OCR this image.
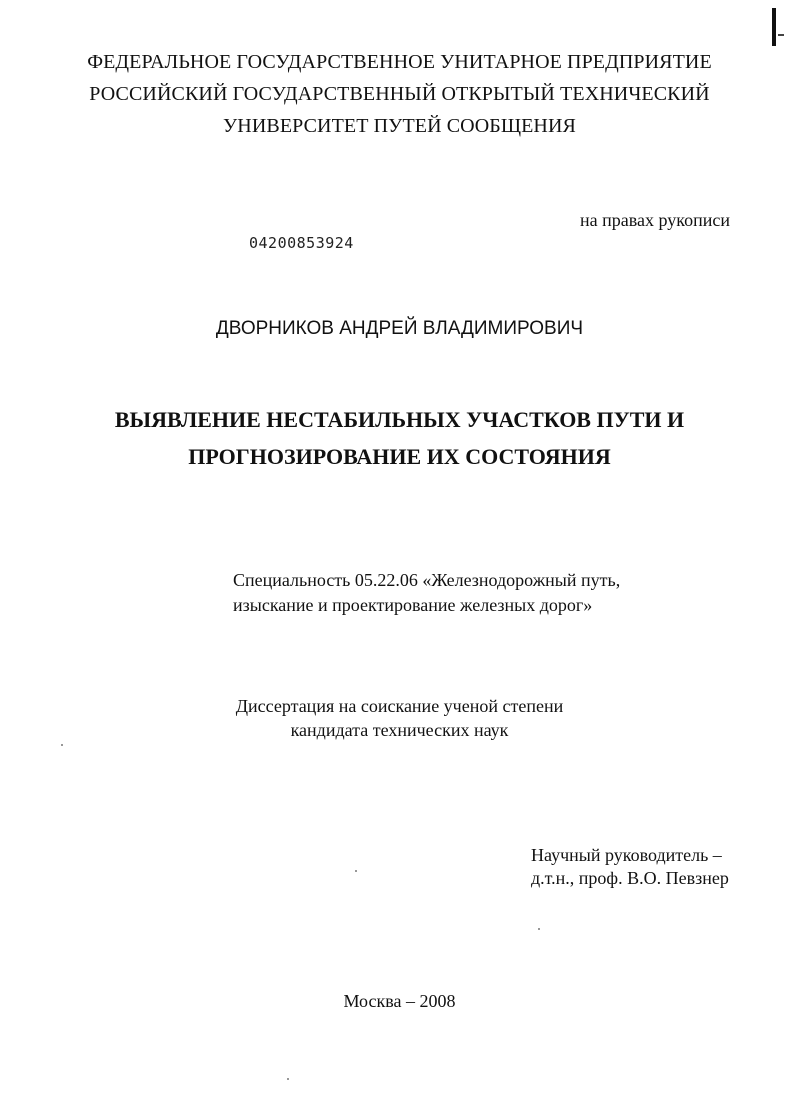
ФЕДЕРАЛЬНОЕ ГОСУДАРСТВЕННОЕ УНИТАРНОЕ ПРЕДПРИЯТИЕ
РОССИЙСКИЙ ГОСУДАРСТВЕННЫЙ ОТКРЫТЫЙ ТЕХНИЧЕСКИЙ
УНИВЕРСИТЕТ ПУТЕЙ СООБЩЕНИЯ
на правах рукописи
04200853924
ДВОРНИКОВ АНДРЕЙ ВЛАДИМИРОВИЧ
ВЫЯВЛЕНИЕ НЕСТАБИЛЬНЫХ УЧАСТКОВ ПУТИ И
ПРОГНОЗИРОВАНИЕ ИХ СОСТОЯНИЯ
Специальность 05.22.06 «Железнодорожный путь,
изыскание и проектирование железных дорог»
Диссертация на соискание ученой степени
кандидата технических наук
Научный руководитель –
д.т.н., проф. В.О. Певзнер
Москва – 2008
